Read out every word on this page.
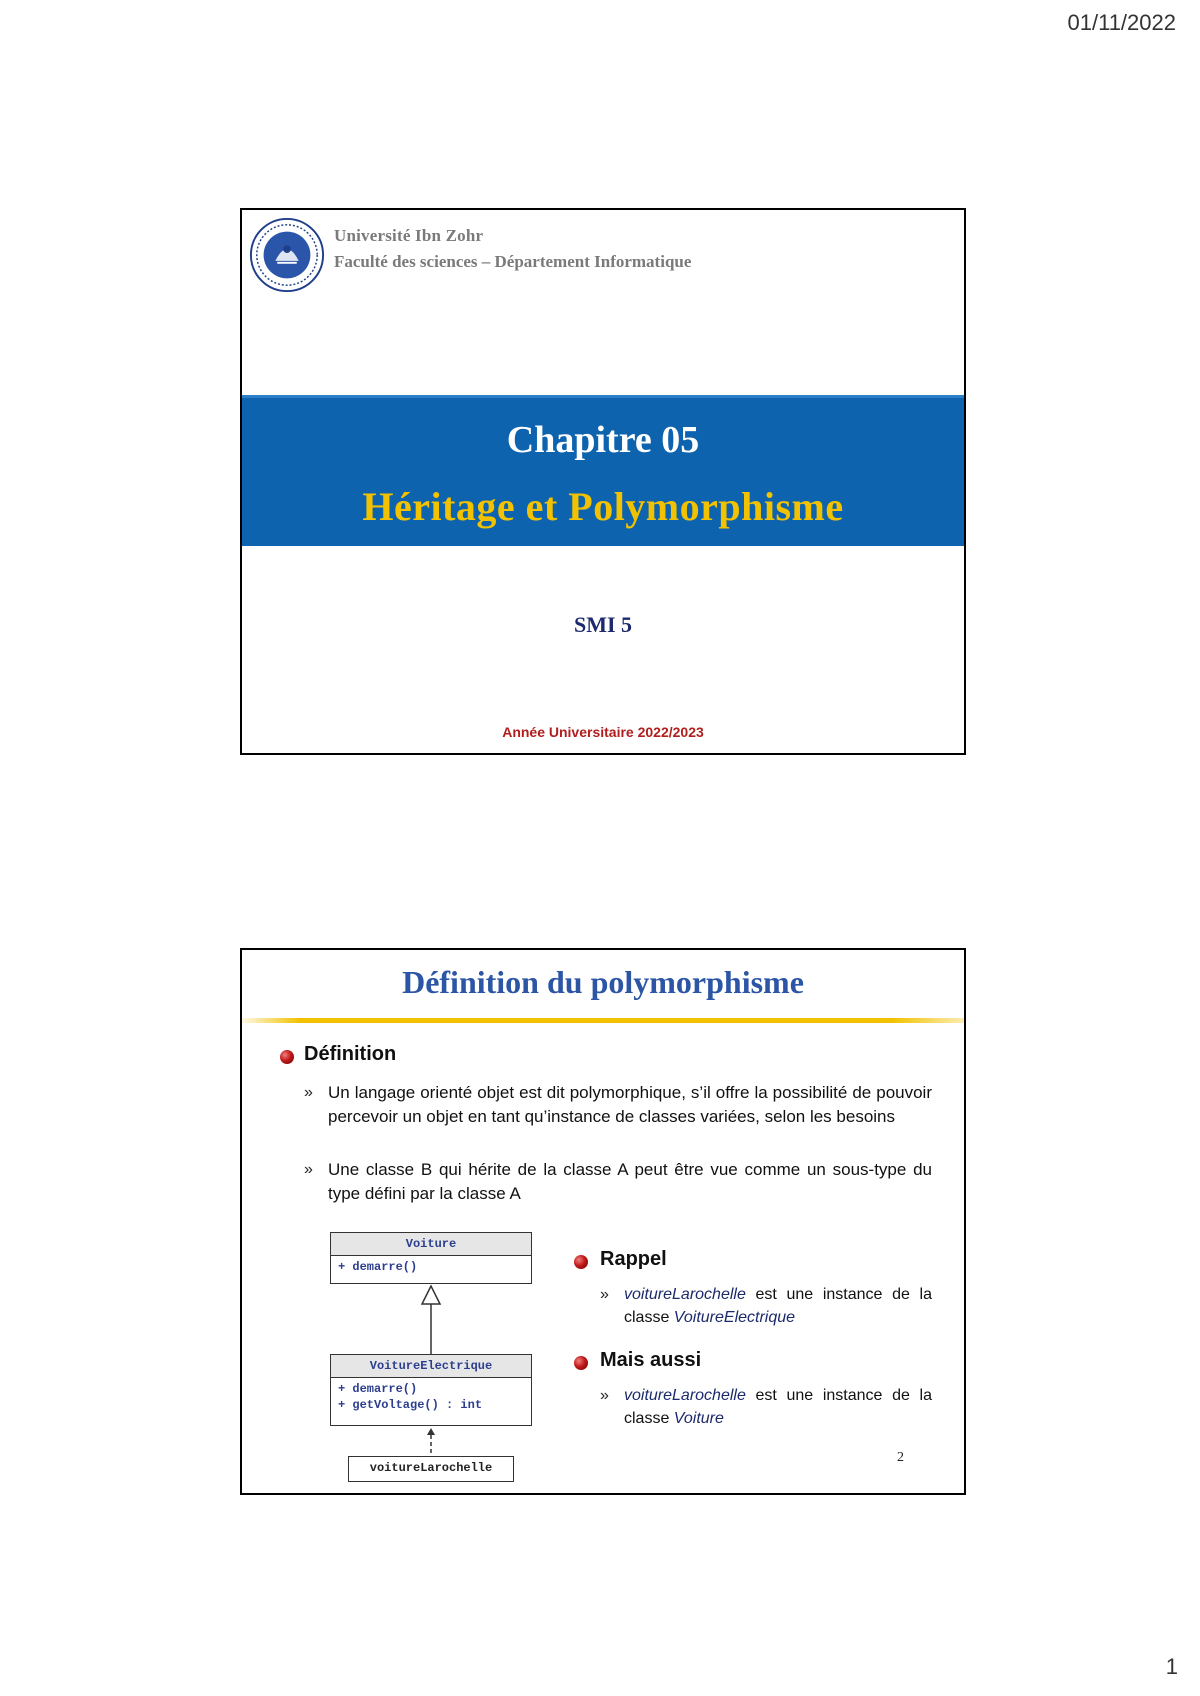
01/11/2022
Université Ibn Zohr
Faculté des sciences – Département Informatique
Chapitre 05
Héritage et Polymorphisme
SMI 5
Année Universitaire 2022/2023
Définition du polymorphisme
Définition
» Un langage orienté objet est dit polymorphique, s’il offre la possibilité de pouvoir percevoir un objet en tant qu’instance de classes variées, selon les besoins
» Une classe B qui hérite de la classe A peut être vue comme un sous-type du type défini par la classe A
Voiture
+ demarre()
VoitureElectrique
+ demarre()
+ getVoltage() : int
voitureLarochelle
Rappel
» voitureLarochelle est une instance de la classe VoitureElectrique
Mais aussi
» voitureLarochelle est une instance de la classe Voiture
2
1
